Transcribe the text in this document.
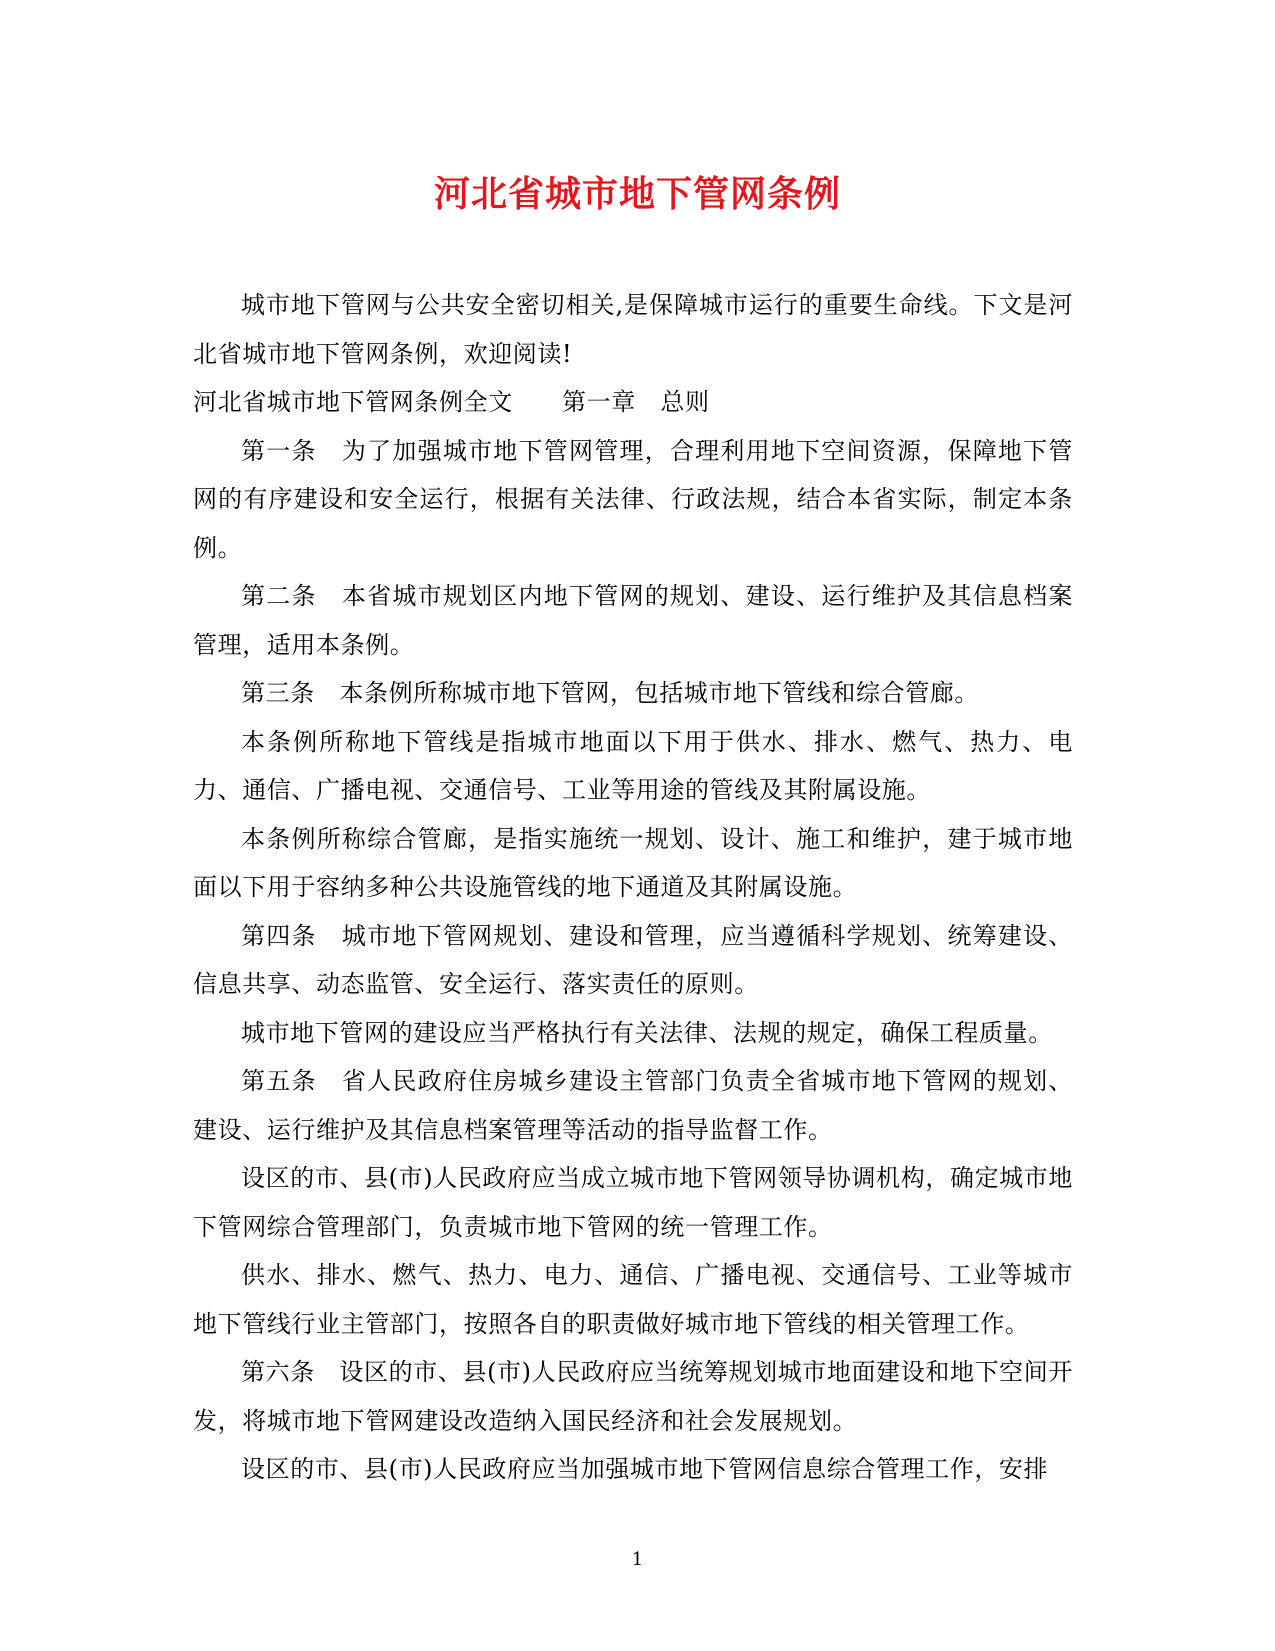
河北省城市地下管网条例

城市地下管网与公共安全密切相关,是保障城市运行的重要生命线。下文是河北省城市地下管网条例，欢迎阅读!

河北省城市地下管网条例全文　　第一章　总则

第一条　为了加强城市地下管网管理，合理利用地下空间资源，保障地下管网的有序建设和安全运行，根据有关法律、行政法规，结合本省实际，制定本条例。

第二条　本省城市规划区内地下管网的规划、建设、运行维护及其信息档案管理，适用本条例。

第三条　本条例所称城市地下管网，包括城市地下管线和综合管廊。

本条例所称地下管线是指城市地面以下用于供水、排水、燃气、热力、电力、通信、广播电视、交通信号、工业等用途的管线及其附属设施。

本条例所称综合管廊，是指实施统一规划、设计、施工和维护，建于城市地面以下用于容纳多种公共设施管线的地下通道及其附属设施。

第四条　城市地下管网规划、建设和管理，应当遵循科学规划、统筹建设、信息共享、动态监管、安全运行、落实责任的原则。

城市地下管网的建设应当严格执行有关法律、法规的规定，确保工程质量。

第五条　省人民政府住房城乡建设主管部门负责全省城市地下管网的规划、建设、运行维护及其信息档案管理等活动的指导监督工作。

设区的市、县(市)人民政府应当成立城市地下管网领导协调机构，确定城市地下管网综合管理部门，负责城市地下管网的统一管理工作。

供水、排水、燃气、热力、电力、通信、广播电视、交通信号、工业等城市地下管线行业主管部门，按照各自的职责做好城市地下管线的相关管理工作。

第六条　设区的市、县(市)人民政府应当统筹规划城市地面建设和地下空间开发，将城市地下管网建设改造纳入国民经济和社会发展规划。

设区的市、县(市)人民政府应当加强城市地下管网信息综合管理工作，安排

1
